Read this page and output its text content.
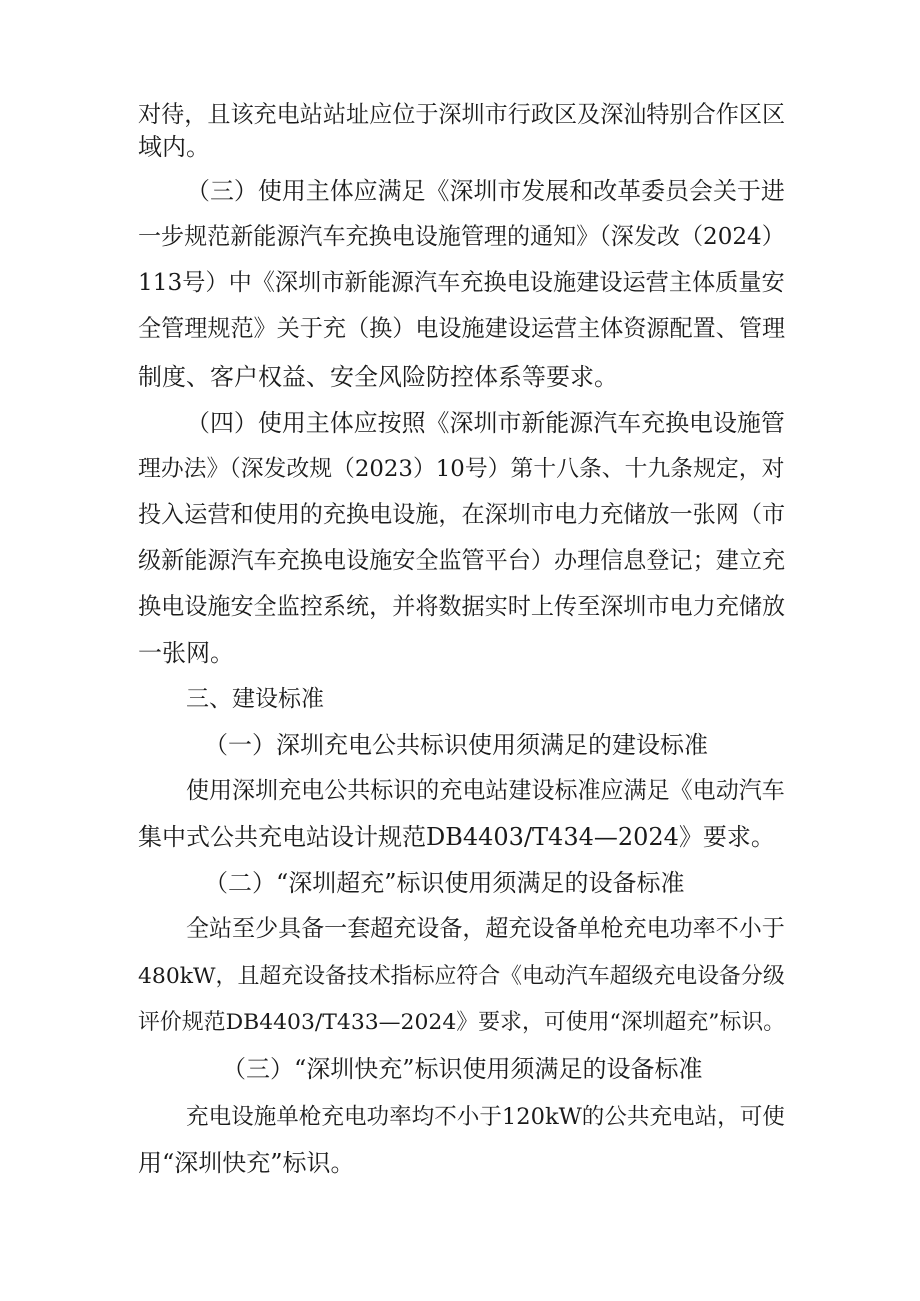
对待，且该充电站站址应位于深圳市行政区及深汕特别合作区区
域内。
（三）使用主体应满足《深圳市发展和改革委员会关于进
一步规范新能源汽车充换电设施管理的通知》（深发改（2024）
113号）中《深圳市新能源汽车充换电设施建设运营主体质量安
全管理规范》关于充（换）电设施建设运营主体资源配置、管理
制度、客户权益、安全风险防控体系等要求。
（四）使用主体应按照《深圳市新能源汽车充换电设施管
理办法》（深发改规（2023）10号）第十八条、十九条规定，对
投入运营和使用的充换电设施，在深圳市电力充储放一张网（市
级新能源汽车充换电设施安全监管平台）办理信息登记；建立充
换电设施安全监控系统，并将数据实时上传至深圳市电力充储放
一张网。
三、建设标准
（一）深圳充电公共标识使用须满足的建设标准
使用深圳充电公共标识的充电站建设标准应满足《电动汽车
集中式公共充电站设计规范DB4403/T434—2024》要求。
（二）“深圳超充”标识使用须满足的设备标准
全站至少具备一套超充设备，超充设备单枪充电功率不小于
480kW，且超充设备技术指标应符合《电动汽车超级充电设备分级
评价规范DB4403/T433—2024》要求，可使用“深圳超充”标识。
（三）“深圳快充”标识使用须满足的设备标准
充电设施单枪充电功率均不小于120kW的公共充电站，可使
用“深圳快充”标识。
